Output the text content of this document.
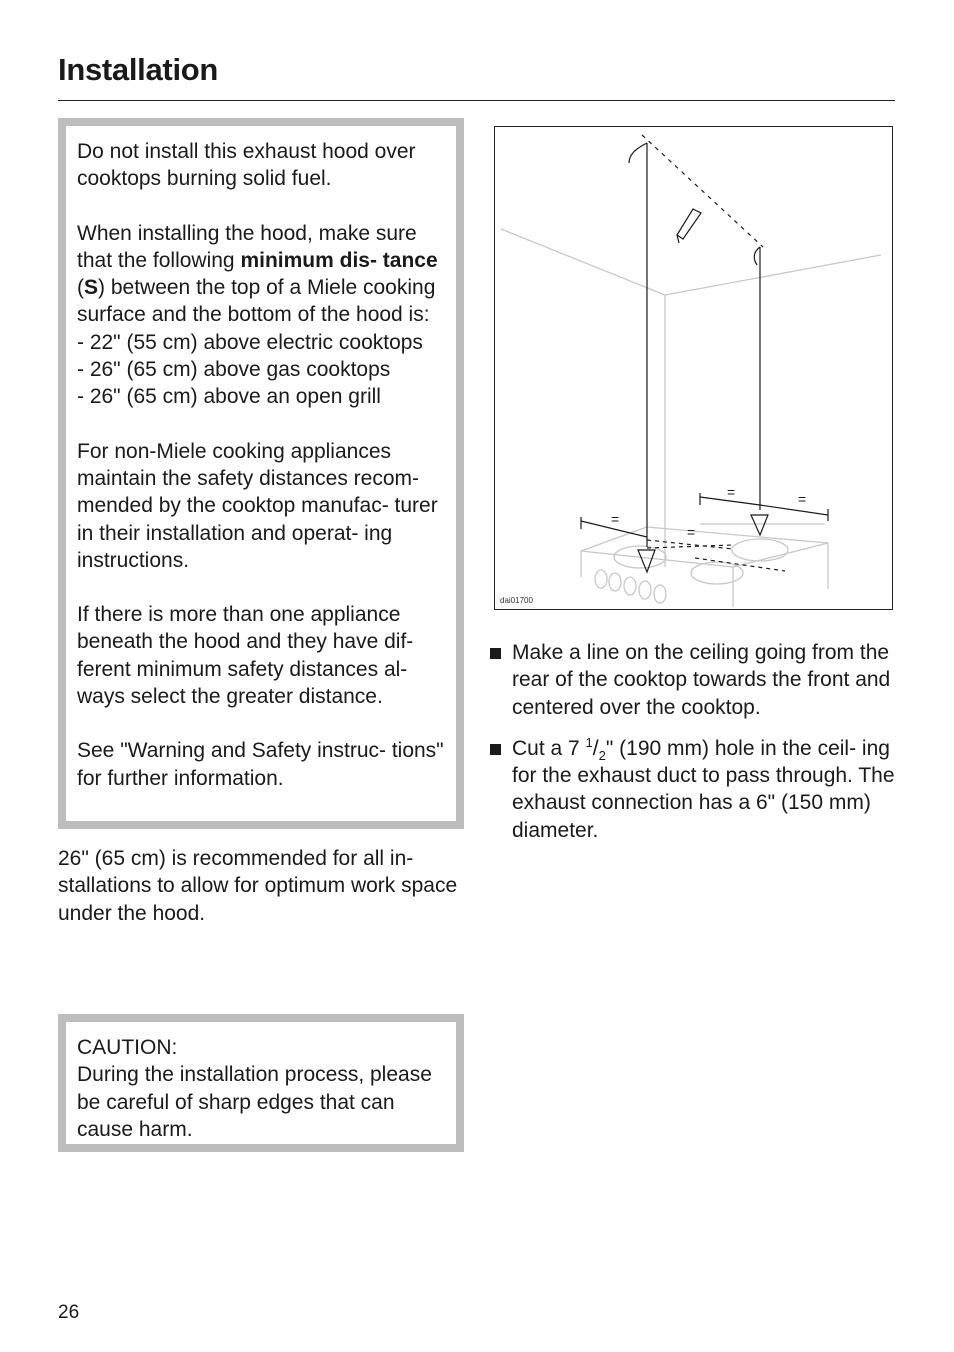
Installation

Do not install this exhaust hood over cooktops burning solid fuel.

When installing the hood, make sure that the following minimum dis- tance (S) between the top of a Miele cooking surface and the bottom of the hood is:
- 22" (55 cm) above electric cooktops
- 26" (65 cm) above gas cooktops
- 26" (65 cm) above an open grill

For non-Miele cooking appliances maintain the safety distances recom- mended by the cooktop manufac- turer in their installation and operat- ing instructions.

If there is more than one appliance beneath the hood and they have dif- ferent minimum safety distances al- ways select the greater distance.

See "Warning and Safety instruc- tions" for further information.

26" (65 cm) is recommended for all in- stallations to allow for optimum work space under the hood.
CAUTION:
During the installation process, please be careful of sharp edges that can cause harm.
=
=
=	=
dai01700
Make a line on the ceiling going from the rear of the cooktop towards the front and centered over the cooktop.
Cut a 7 $^1/_2$" (190 mm) hole in the ceil- ing for the exhaust duct to pass through. The exhaust connection has a 6" (150 mm) diameter.
26
